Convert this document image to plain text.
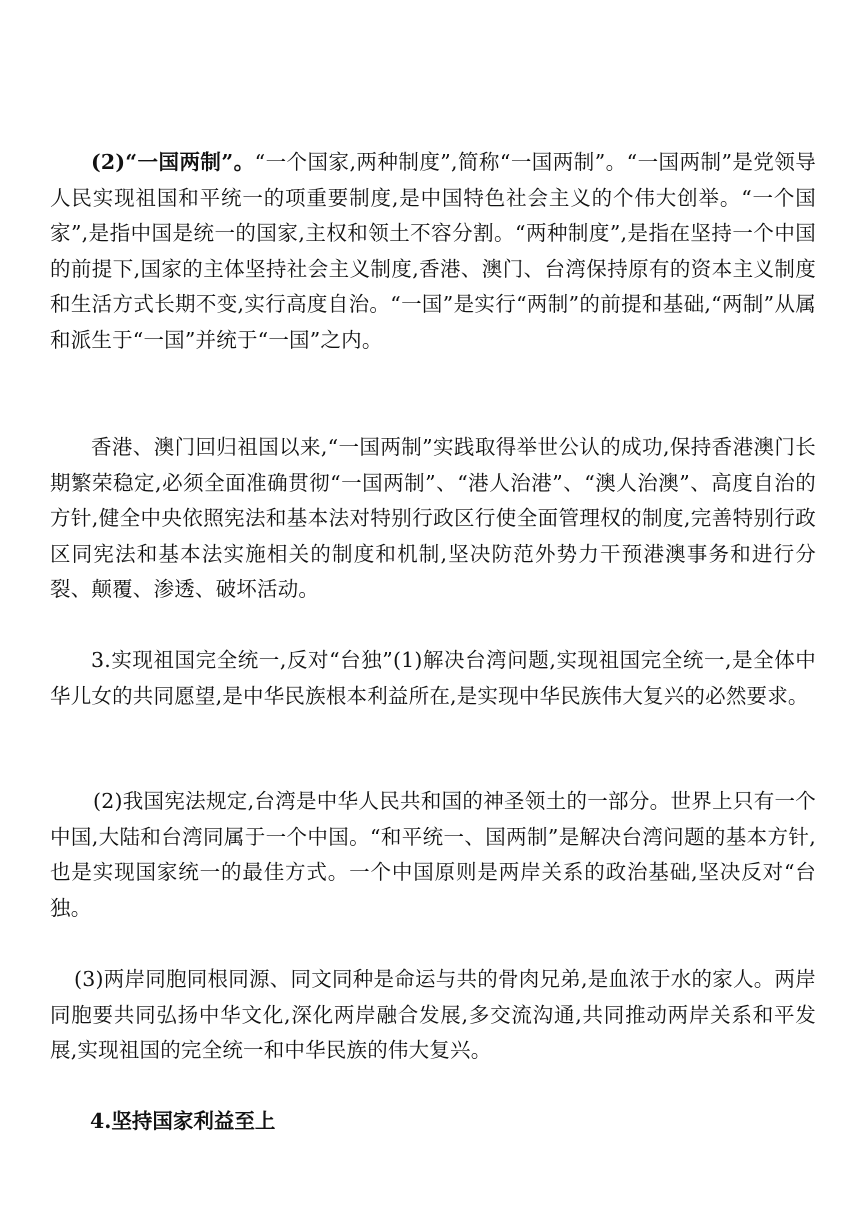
(2)“一国两制”。“一个国家,两种制度”,简称“一国两制”。“一国两制”是党领导人民实现祖国和平统一的项重要制度,是中国特色社会主义的个伟大创举。“一个国家”,是指中国是统一的国家,主权和领土不容分割。“两种制度”,是指在坚持一个中国的前提下,国家的主体坚持社会主义制度,香港、澳门、台湾保持原有的资本主义制度和生活方式长期不变,实行高度自治。“一国”是实行“两制”的前提和基础,“两制”从属和派生于“一国”并统于“一国”之内。

香港、澳门回归祖国以来,“一国两制”实践取得举世公认的成功,保持香港澳门长期繁荣稳定,必须全面准确贯彻“一国两制”、“港人治港”、“澳人治澳”、高度自治的方针,健全中央依照宪法和基本法对特别行政区行使全面管理权的制度,完善特别行政区同宪法和基本法实施相关的制度和机制,坚决防范外势力干预港澳事务和进行分裂、颠覆、渗透、破坏活动。

3.实现祖国完全统一,反对“台独”(1)解决台湾问题,实现祖国完全统一,是全体中华儿女的共同愿望,是中华民族根本利益所在,是实现中华民族伟大复兴的必然要求。

(2)我国宪法规定,台湾是中华人民共和国的神圣领土的一部分。世界上只有一个中国,大陆和台湾同属于一个中国。“和平统一、国两制”是解决台湾问题的基本方针,也是实现国家统一的最佳方式。一个中国原则是两岸关系的政治基础,坚决反对“台独。

(3)两岸同胞同根同源、同文同种是命运与共的骨肉兄弟,是血浓于水的家人。两岸同胞要共同弘扬中华文化,深化两岸融合发展,多交流沟通,共同推动两岸关系和平发展,实现祖国的完全统一和中华民族的伟大复兴。

4.坚持国家利益至上
